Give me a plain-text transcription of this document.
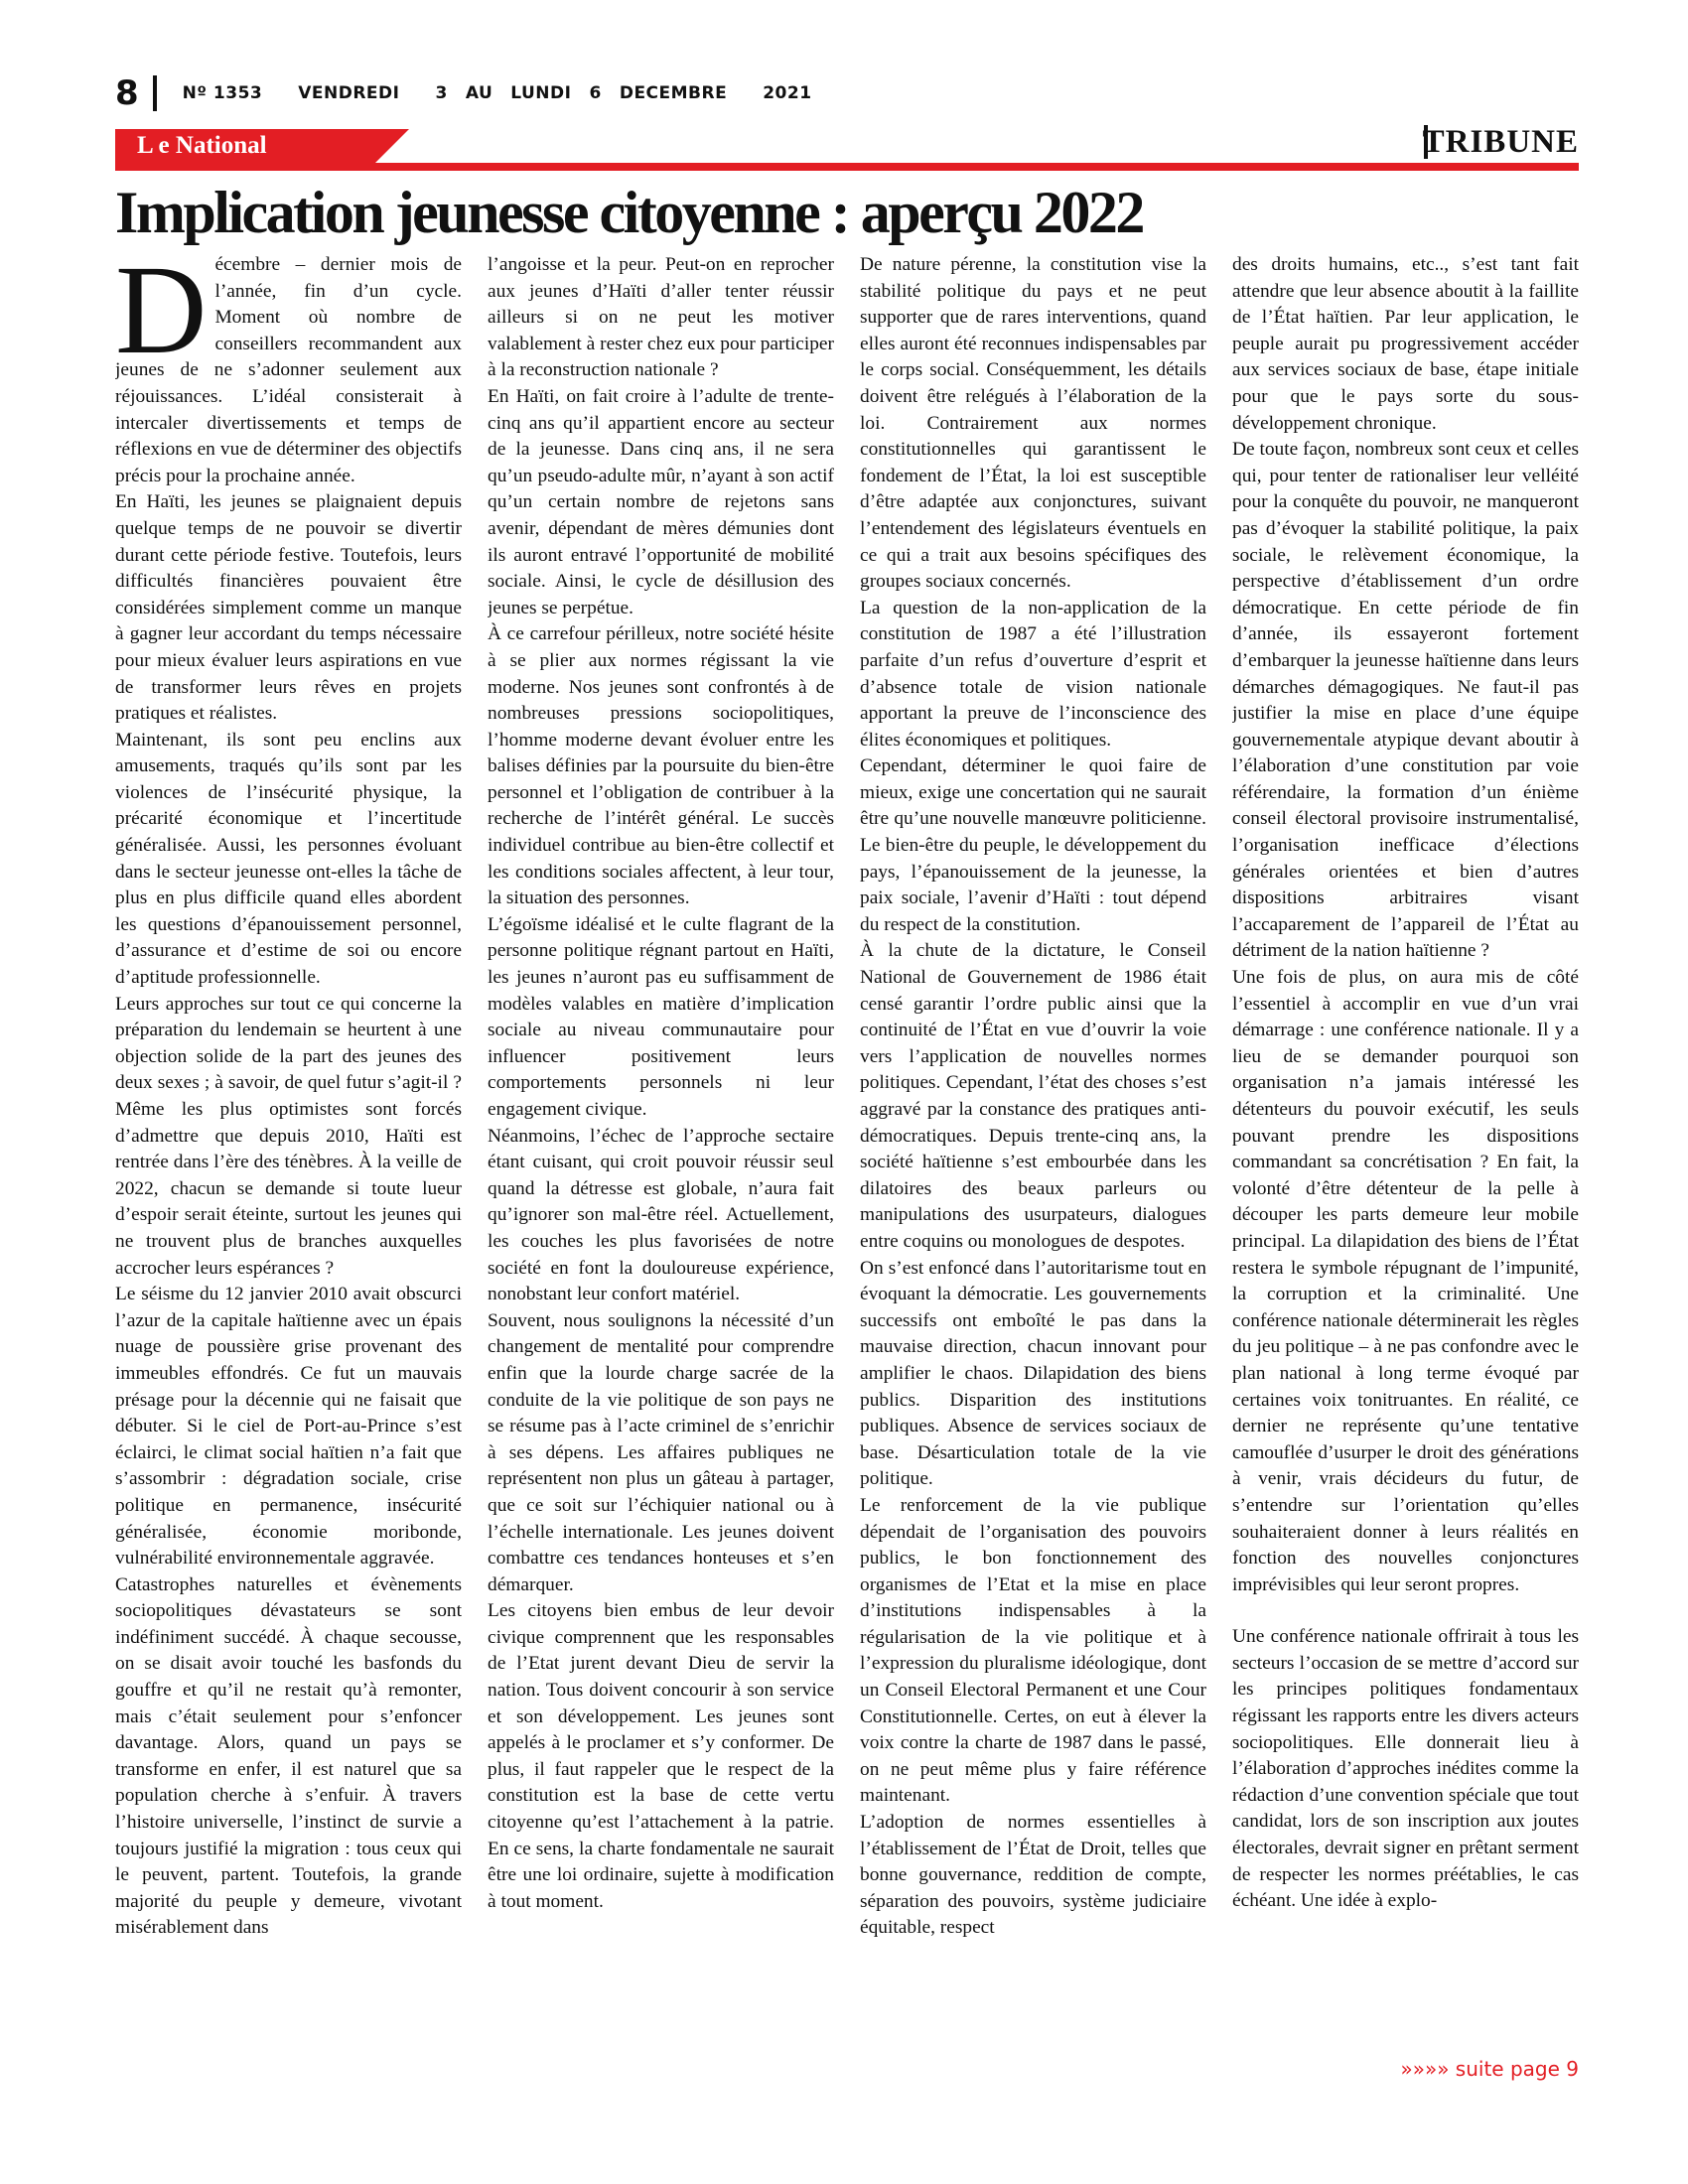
8	Nº 1353 VENDREDI 3 AU LUNDI 6 DECEMBRE 2021
L e National	TRIBUNE
Implication jeunesse citoyenne : aperçu 2022
D écembre – dernier mois de l’année, fin d’un cycle. Moment où nombre de conseillers recommandent aux jeunes de ne s’adonner seulement aux réjouissances. L’idéal consisterait à intercaler divertissements et temps de réflexions en vue de déterminer des objectifs précis pour la prochaine année.

En Haïti, les jeunes se plaignaient depuis quelque temps de ne pouvoir se divertir durant cette période festive. Toutefois, leurs difficultés financières pouvaient être considérées simplement comme un manque à gagner leur accordant du temps nécessaire pour mieux évaluer leurs aspirations en vue de transformer leurs rêves en projets pratiques et réalistes.

Maintenant, ils sont peu enclins aux amusements, traqués qu’ils sont par les violences de l’insécurité physique, la précarité économique et l’incertitude généralisée. Aussi, les personnes évoluant dans le secteur jeunesse ont-elles la tâche de plus en plus difficile quand elles abordent les questions d’épanouissement personnel, d’assurance et d’estime de soi ou encore d’aptitude professionnelle.

Leurs approches sur tout ce qui concerne la préparation du lendemain se heurtent à une objection solide de la part des jeunes des deux sexes ; à savoir, de quel futur s’agit-il ? Même les plus optimistes sont forcés d’admettre que depuis 2010, Haïti est rentrée dans l’ère des ténèbres. À la veille de 2022, chacun se demande si toute lueur d’espoir serait éteinte, surtout les jeunes qui ne trouvent plus de branches auxquelles accrocher leurs espérances ?

Le séisme du 12 janvier 2010 avait obscurci l’azur de la capitale haïtienne avec un épais nuage de poussière grise provenant des immeubles effondrés. Ce fut un mauvais présage pour la décennie qui ne faisait que débuter. Si le ciel de Port-au-Prince s’est éclairci, le climat social haïtien n’a fait que s’assombrir : dégradation sociale, crise politique en permanence, insécurité généralisée, économie moribonde, vulnérabilité environnementale aggravée.

Catastrophes naturelles et évènements sociopolitiques dévastateurs se sont indéfiniment succédé. À chaque secousse, on se disait avoir touché les basfonds du gouffre et qu’il ne restait qu’à remonter, mais c’était seulement pour s’enfoncer davantage. Alors, quand un pays se transforme en enfer, il est naturel que sa population cherche à s’enfuir. À travers l’histoire universelle, l’instinct de survie a toujours justifié la migration : tous ceux qui le peuvent, partent. Toutefois, la grande majorité du peuple y demeure, vivotant misérablement dans

l’angoisse et la peur. Peut-on en reprocher aux jeunes d’Haïti d’aller tenter réussir ailleurs si on ne peut les motiver valablement à rester chez eux pour participer à la reconstruction nationale ?

En Haïti, on fait croire à l’adulte de trente-cinq ans qu’il appartient encore au secteur de la jeunesse. Dans cinq ans, il ne sera qu’un pseudo-adulte mûr, n’ayant à son actif qu’un certain nombre de rejetons sans avenir, dépendant de mères démunies dont ils auront entravé l’opportunité de mobilité sociale. Ainsi, le cycle de désillusion des jeunes se perpétue.

À ce carrefour périlleux, notre société hésite à se plier aux normes régissant la vie moderne. Nos jeunes sont confrontés à de nombreuses pressions sociopolitiques, l’homme moderne devant évoluer entre les balises définies par la poursuite du bien-être personnel et l’obligation de contribuer à la recherche de l’intérêt général. Le succès individuel contribue au bien-être collectif et les conditions sociales affectent, à leur tour, la situation des personnes.

L’égoïsme idéalisé et le culte flagrant de la personne politique régnant partout en Haïti, les jeunes n’auront pas eu suffisamment de modèles valables en matière d’implication sociale au niveau communautaire pour influencer positivement leurs comportements personnels ni leur engagement civique.

Néanmoins, l’échec de l’approche sectaire étant cuisant, qui croit pouvoir réussir seul quand la détresse est globale, n’aura fait qu’ignorer son mal-être réel. Actuellement, les couches les plus favorisées de notre société en font la douloureuse expérience, nonobstant leur confort matériel.

Souvent, nous soulignons la nécessité d’un changement de mentalité pour comprendre enfin que la lourde charge sacrée de la conduite de la vie politique de son pays ne se résume pas à l’acte criminel de s’enrichir à ses dépens. Les affaires publiques ne représentent non plus un gâteau à partager, que ce soit sur l’échiquier national ou à l’échelle internationale. Les jeunes doivent combattre ces tendances honteuses et s’en démarquer.

Les citoyens bien embus de leur devoir civique comprennent que les responsables de l’Etat jurent devant Dieu de servir la nation. Tous doivent concourir à son service et son développement. Les jeunes sont appelés à le proclamer et s’y conformer. De plus, il faut rappeler que le respect de la constitution est la base de cette vertu citoyenne qu’est l’attachement à la patrie. En ce sens, la charte fondamentale ne saurait être une loi ordinaire, sujette à modification à tout moment.

De nature pérenne, la constitution vise la stabilité politique du pays et ne peut supporter que de rares interventions, quand elles auront été reconnues indispensables par le corps social. Conséquemment, les détails doivent être relégués à l’élaboration de la loi. Contrairement aux normes constitutionnelles qui garantissent le fondement de l’État, la loi est susceptible d’être adaptée aux conjonctures, suivant l’entendement des législateurs éventuels en ce qui a trait aux besoins spécifiques des groupes sociaux concernés.

La question de la non-application de la constitution de 1987 a été l’illustration parfaite d’un refus d’ouverture d’esprit et d’absence totale de vision nationale apportant la preuve de l’inconscience des élites économiques et politiques.

Cependant, déterminer le quoi faire de mieux, exige une concertation qui ne saurait être qu’une nouvelle manœuvre politicienne. Le bien-être du peuple, le développement du pays, l’épanouissement de la jeunesse, la paix sociale, l’avenir d’Haïti : tout dépend du respect de la constitution.

À la chute de la dictature, le Conseil National de Gouvernement de 1986 était censé garantir l’ordre public ainsi que la continuité de l’État en vue d’ouvrir la voie vers l’application de nouvelles normes politiques. Cependant, l’état des choses s’est aggravé par la constance des pratiques anti-démocratiques. Depuis trente-cinq ans, la société haïtienne s’est embourbée dans les dilatoires des beaux parleurs ou manipulations des usurpateurs, dialogues entre coquins ou monologues de despotes.

On s’est enfoncé dans l’autoritarisme tout en évoquant la démocratie. Les gouvernements successifs ont emboîté le pas dans la mauvaise direction, chacun innovant pour amplifier le chaos. Dilapidation des biens publics. Disparition des institutions publiques. Absence de services sociaux de base. Désarticulation totale de la vie politique.

Le renforcement de la vie publique dépendait de l’organisation des pouvoirs publics, le bon fonctionnement des organismes de l’Etat et la mise en place d’institutions indispensables à la régularisation de la vie politique et à l’expression du pluralisme idéologique, dont un Conseil Electoral Permanent et une Cour Constitutionnelle. Certes, on eut à élever la voix contre la charte de 1987 dans le passé, on ne peut même plus y faire référence maintenant.

L’adoption de normes essentielles à l’établissement de l’État de Droit, telles que bonne gouvernance, reddition de compte, séparation des pouvoirs, système judiciaire équitable, respect

des droits humains, etc.., s’est tant fait attendre que leur absence aboutit à la faillite de l’État haïtien. Par leur application, le peuple aurait pu progressivement accéder aux services sociaux de base, étape initiale pour que le pays sorte du sous-développement chronique.

De toute façon, nombreux sont ceux et celles qui, pour tenter de rationaliser leur velléité pour la conquête du pouvoir, ne manqueront pas d’évoquer la stabilité politique, la paix sociale, le relèvement économique, la perspective d’établissement d’un ordre démocratique. En cette période de fin d’année, ils essayeront fortement d’embarquer la jeunesse haïtienne dans leurs démarches démagogiques. Ne faut-il pas justifier la mise en place d’une équipe gouvernementale atypique devant aboutir à l’élaboration d’une constitution par voie référendaire, la formation d’un énième conseil électoral provisoire instrumentalisé, l’organisation inefficace d’élections générales orientées et bien d’autres dispositions arbitraires visant l’accaparement de l’appareil de l’État au détriment de la nation haïtienne ?

Une fois de plus, on aura mis de côté l’essentiel à accomplir en vue d’un vrai démarrage : une conférence nationale. Il y a lieu de se demander pourquoi son organisation n’a jamais intéressé les détenteurs du pouvoir exécutif, les seuls pouvant prendre les dispositions commandant sa concrétisation ? En fait, la volonté d’être détenteur de la pelle à découper les parts demeure leur mobile principal. La dilapidation des biens de l’État restera le symbole répugnant de l’impunité, la corruption et la criminalité. Une conférence nationale déterminerait les règles du jeu politique – à ne pas confondre avec le plan national à long terme évoqué par certaines voix tonitruantes. En réalité, ce dernier ne représente qu’une tentative camouflée d’usurper le droit des générations à venir, vrais décideurs du futur, de s’entendre sur l’orientation qu’elles souhaiteraient donner à leurs réalités en fonction des nouvelles conjonctures imprévisibles qui leur seront propres.

Une conférence nationale offrirait à tous les secteurs l’occasion de se mettre d’accord sur les principes politiques fondamentaux régissant les rapports entre les divers acteurs sociopolitiques. Elle donnerait lieu à l’élaboration d’approches inédites comme la rédaction d’une convention spéciale que tout candidat, lors de son inscription aux joutes électorales, devrait signer en prêtant serment de respecter les normes préétablies, le cas échéant. Une idée à explo-

»»»» suite page 9
